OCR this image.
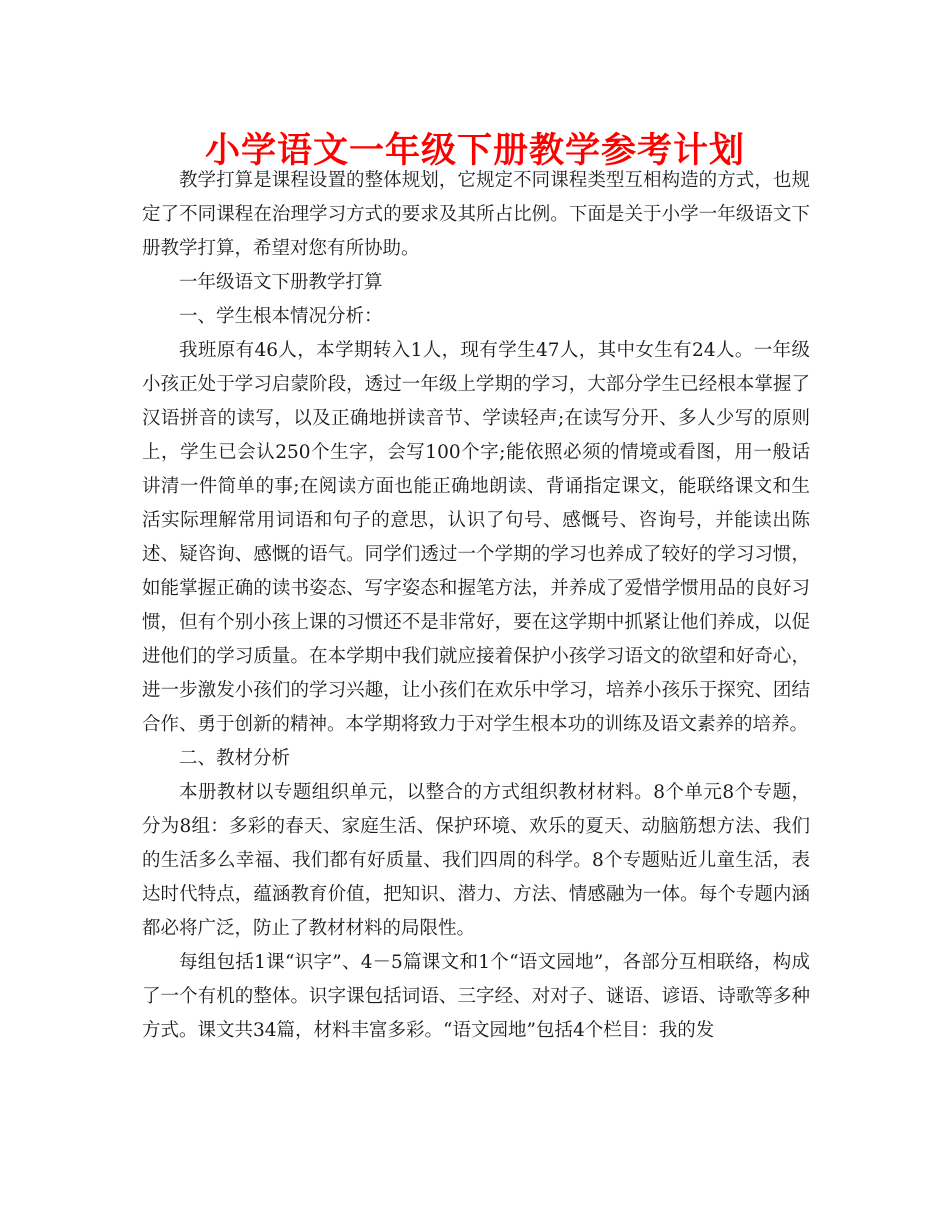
小学语文一年级下册教学参考计划

教学打算是课程设置的整体规划，它规定不同课程类型互相构造的方式，也规定了不同课程在治理学习方式的要求及其所占比例。下面是关于小学一年级语文下册教学打算，希望对您有所协助。

一年级语文下册教学打算

一、学生根本情况分析：

我班原有46人，本学期转入1人，现有学生47人，其中女生有24人。一年级小孩正处于学习启蒙阶段，透过一年级上学期的学习，大部分学生已经根本掌握了汉语拼音的读写，以及正确地拼读音节、学读轻声;在读写分开、多人少写的原则上，学生已会认250个生字，会写100个字;能依照必须的情境或看图，用一般话讲清一件简单的事;在阅读方面也能正确地朗读、背诵指定课文，能联络课文和生活实际理解常用词语和句子的意思，认识了句号、感慨号、咨询号，并能读出陈述、疑咨询、感慨的语气。同学们透过一个学期的学习也养成了较好的学习习惯，如能掌握正确的读书姿态、写字姿态和握笔方法，并养成了爱惜学惯用品的良好习惯，但有个别小孩上课的习惯还不是非常好，要在这学期中抓紧让他们养成，以促进他们的学习质量。在本学期中我们就应接着保护小孩学习语文的欲望和好奇心，进一步激发小孩们的学习兴趣，让小孩们在欢乐中学习，培养小孩乐于探究、团结合作、勇于创新的精神。本学期将致力于对学生根本功的训练及语文素养的培养。

二、教材分析

本册教材以专题组织单元，以整合的方式组织教材材料。8个单元8个专题，分为8组：多彩的春天、家庭生活、保护环境、欢乐的夏天、动脑筋想方法、我们的生活多么幸福、我们都有好质量、我们四周的科学。8个专题贴近儿童生活，表达时代特点，蕴涵教育价值，把知识、潜力、方法、情感融为一体。每个专题内涵都必将广泛，防止了教材材料的局限性。

每组包括1课“识字”、4－5篇课文和1个“语文园地”，各部分互相联络，构成了一个有机的整体。识字课包括词语、三字经、对对子、谜语、谚语、诗歌等多种方式。课文共34篇，材料丰富多彩。“语文园地”包括4个栏目：我的发
